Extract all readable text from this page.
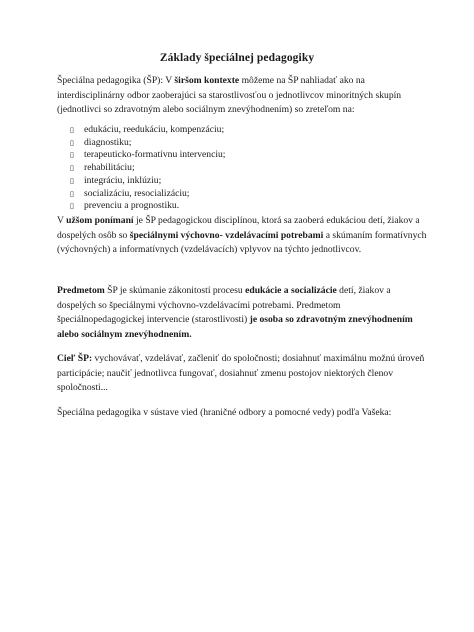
Základy špeciálnej pedagogiky

Špeciálna pedagogika (ŠP): V širšom kontexte môžeme na ŠP nahliadať ako na interdisciplinárny odbor zaoberajúci sa starostlivosťou o jednotlivcov minoritných skupín (jednotlivci so zdravotným alebo sociálnym znevýhodnením) so zreteľom na:

▯ edukáciu, reedukáciu, kompenzáciu;
▯ diagnostiku;
▯ terapeuticko-formatívnu intervenciu;
▯ rehabilitáciu;
▯ integráciu, inklúziu;
▯ socializáciu, resocializáciu;
▯ prevenciu a prognostiku.

V užšom ponímaní je ŠP pedagogickou disciplínou, ktorá sa zaoberá edukáciou detí, žiakov a dospelých osôb so špeciálnymi výchovno- vzdelávacími potrebami a skúmaním formatívnych (výchovných) a informatívnych (vzdelávacích) vplyvov na týchto jednotlivcov.

Predmetom ŠP je skúmanie zákonitostí procesu edukácie a socializácie detí, žiakov a dospelých so špeciálnymi výchovno-vzdelávacími potrebami. Predmetom špeciálnopedagogickej intervencie (starostlivosti) je osoba so zdravotným znevýhodnením alebo sociálnym znevýhodnením.

Cieľ ŠP: vychovávať, vzdelávať, začleniť do spoločnosti; dosiahnuť maximálnu možnú úroveň participácie; naučiť jednotlivca fungovať, dosiahnuť zmenu postojov niektorých členov spoločnosti...

Špeciálna pedagogika v sústave vied (hraničné odbory a pomocné vedy) podľa Vašeka:
